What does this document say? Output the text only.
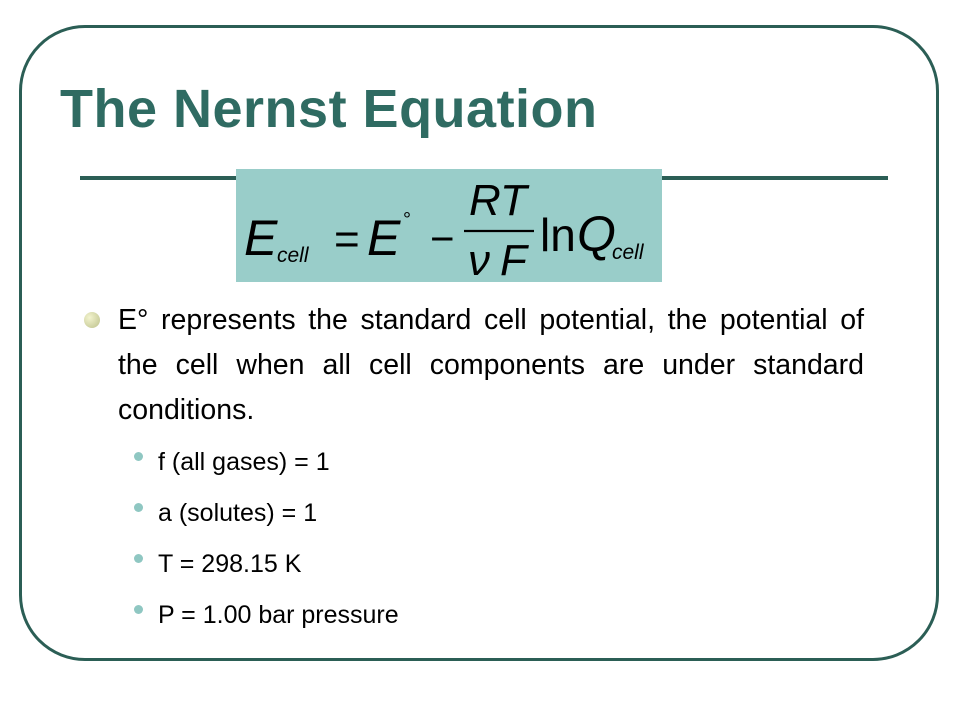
The Nernst Equation
E cell = E ° −
RT
ν F ln Q
cell
E° represents the standard cell potential, the potential of the cell when all cell components are under standard conditions.
f (all gases) = 1
a (solutes) = 1
T = 298.15 K
P = 1.00 bar pressure
